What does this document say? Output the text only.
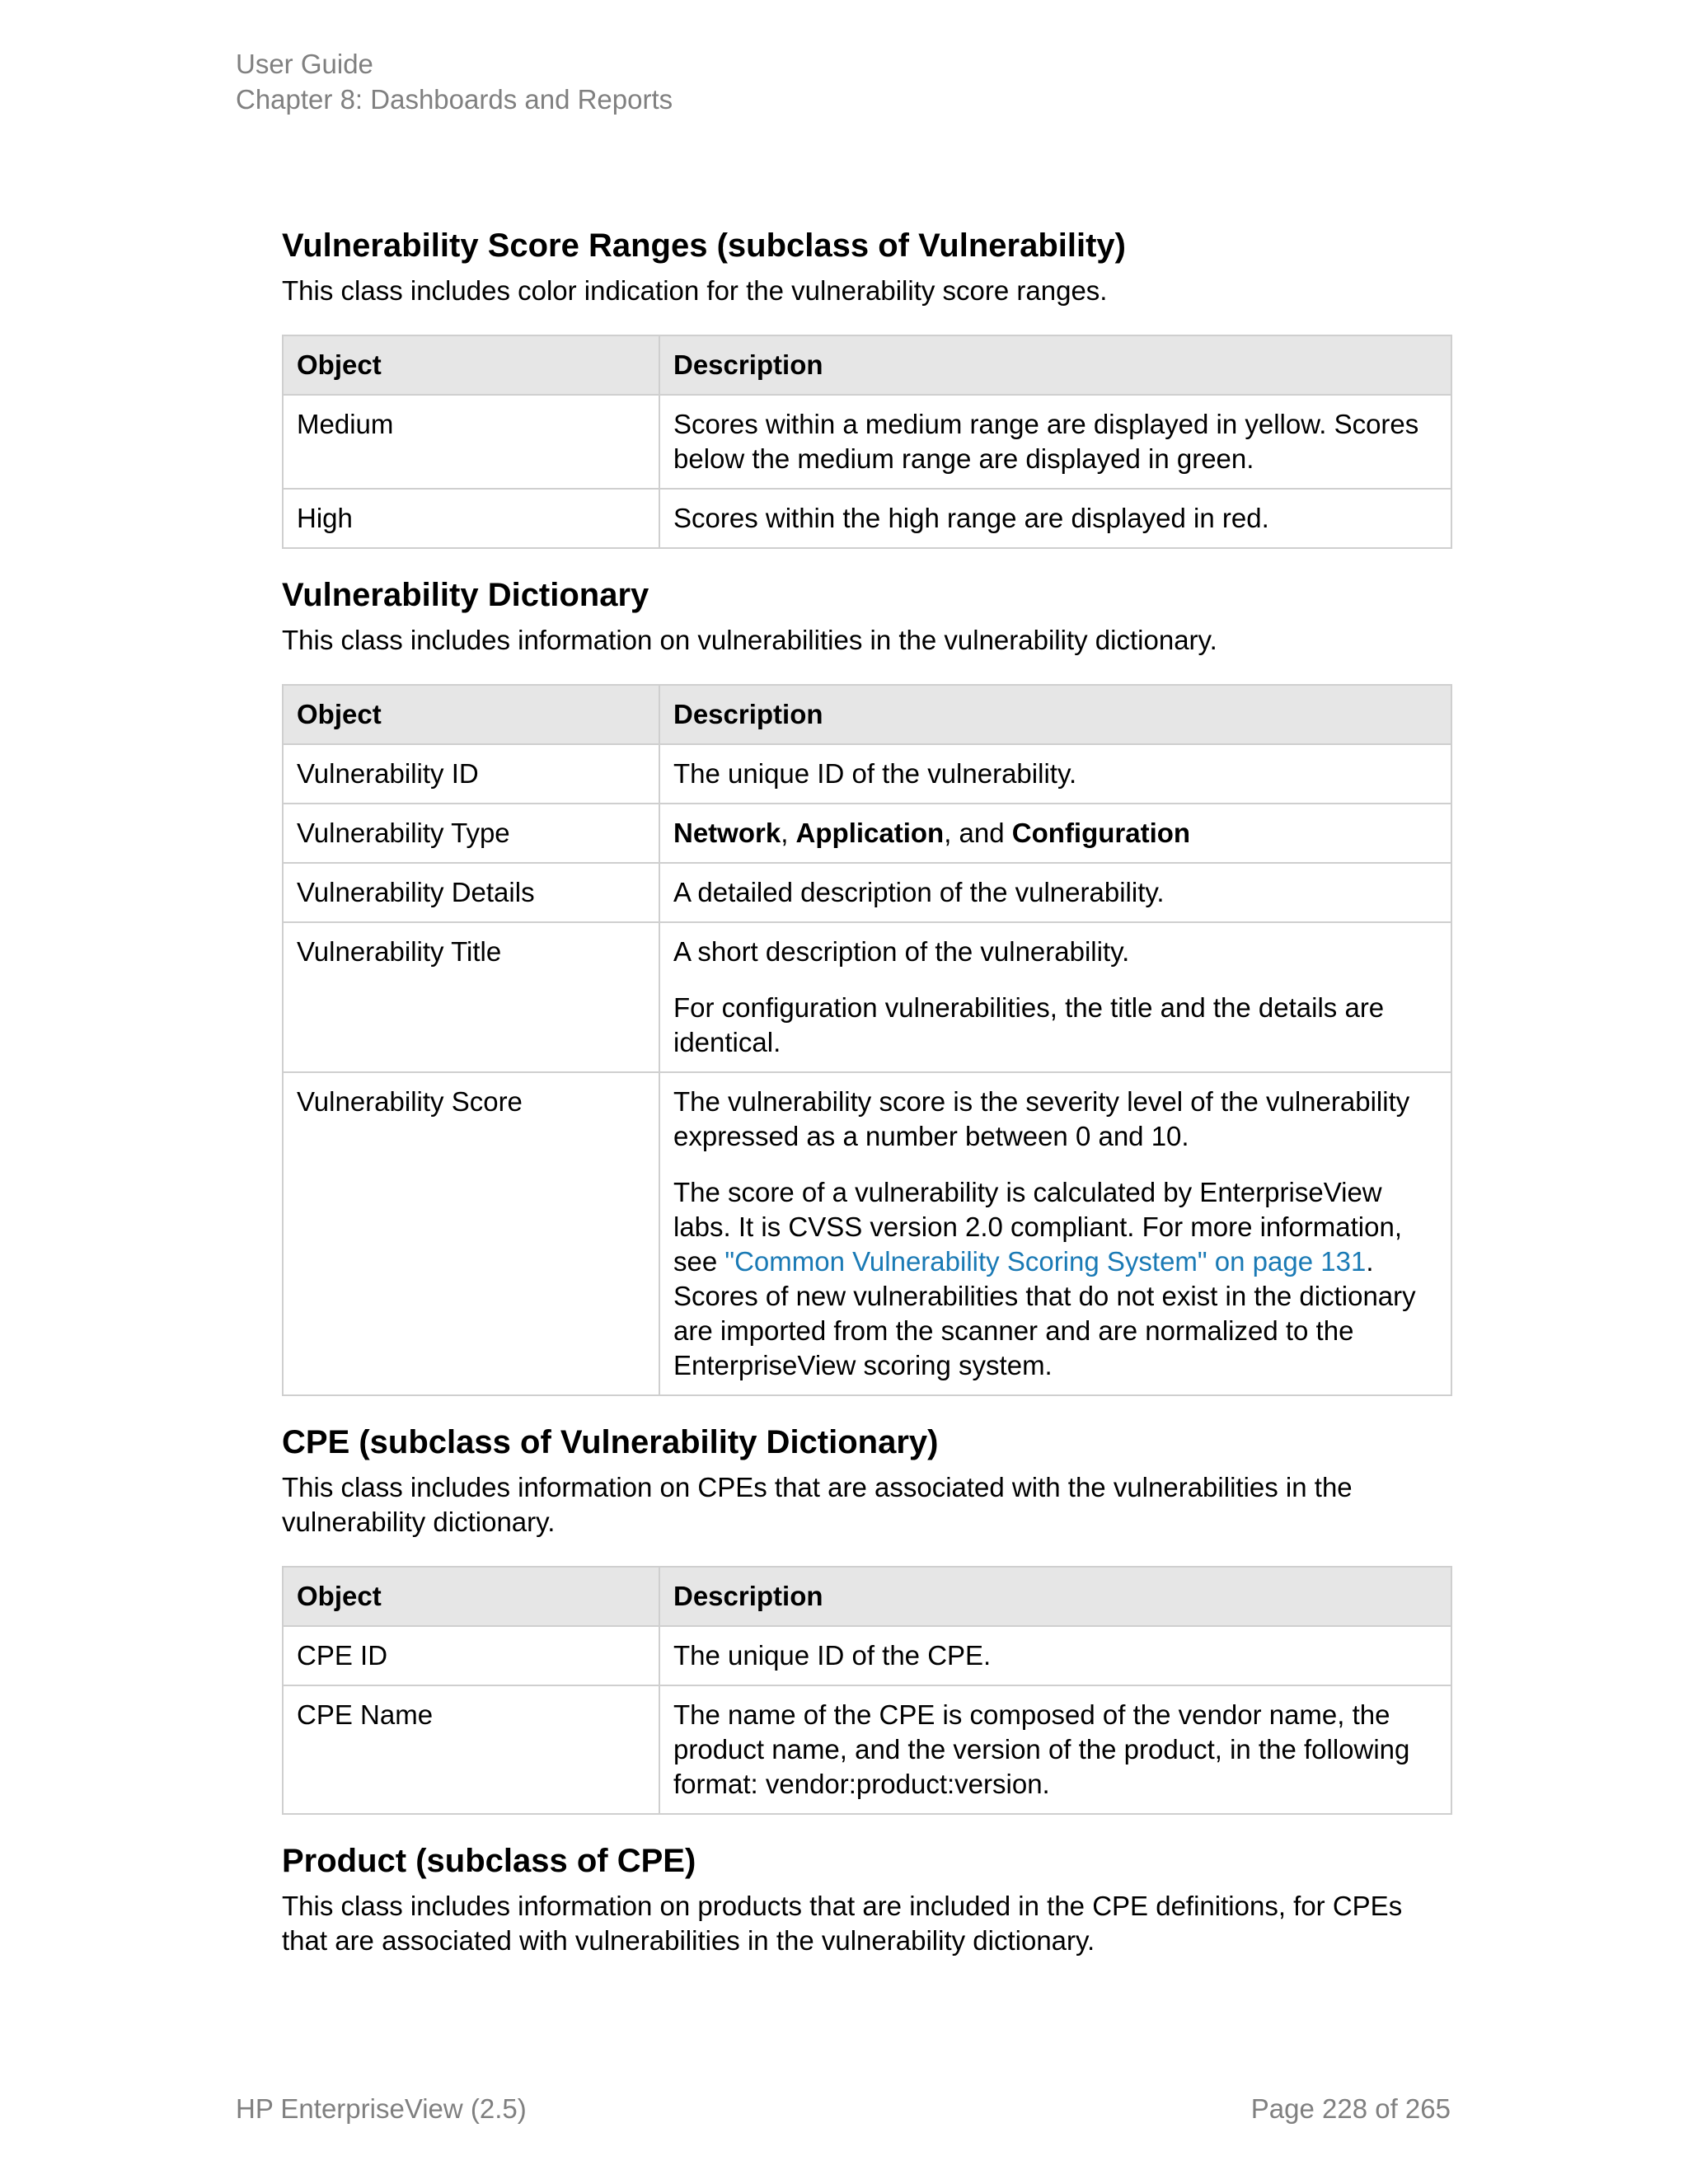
User Guide
Chapter 8: Dashboards and Reports
Vulnerability Score Ranges (subclass of Vulnerability)

This class includes color indication for the vulnerability score ranges.

Object	Description
Medium	Scores within a medium range are displayed in yellow. Scores below the medium range are displayed in green.
High	Scores within the high range are displayed in red.
Vulnerability Dictionary

This class includes information on vulnerabilities in the vulnerability dictionary.

Object	Description
Vulnerability ID	The unique ID of the vulnerability.
Vulnerability Type	Network, Application, and Configuration
Vulnerability Details	A detailed description of the vulnerability.
Vulnerability Title	A short description of the vulnerability.
For configuration vulnerabilities, the title and the details are identical.

Vulnerability Score	The vulnerability score is the severity level of the vulnerability expressed as a number between 0 and 10.
The score of a vulnerability is calculated by EnterpriseView labs. It is CVSS version 2.0 compliant. For more information, see "Common Vulnerability Scoring System" on page 131. Scores of new vulnerabilities that do not exist in the dictionary are imported from the scanner and are normalized to the EnterpriseView scoring system.
CPE (subclass of Vulnerability Dictionary)

This class includes information on CPEs that are associated with the vulnerabilities in the vulnerability dictionary.

Object	Description
CPE ID	The unique ID of the CPE.
CPE Name	The name of the CPE is composed of the vendor name, the product name, and the version of the product, in the following format: vendor:product:version.
Product (subclass of CPE)

This class includes information on products that are included in the CPE definitions, for CPEs that are associated with vulnerabilities in the vulnerability dictionary.

HP EnterpriseView (2.5)	Page 228 of 265
